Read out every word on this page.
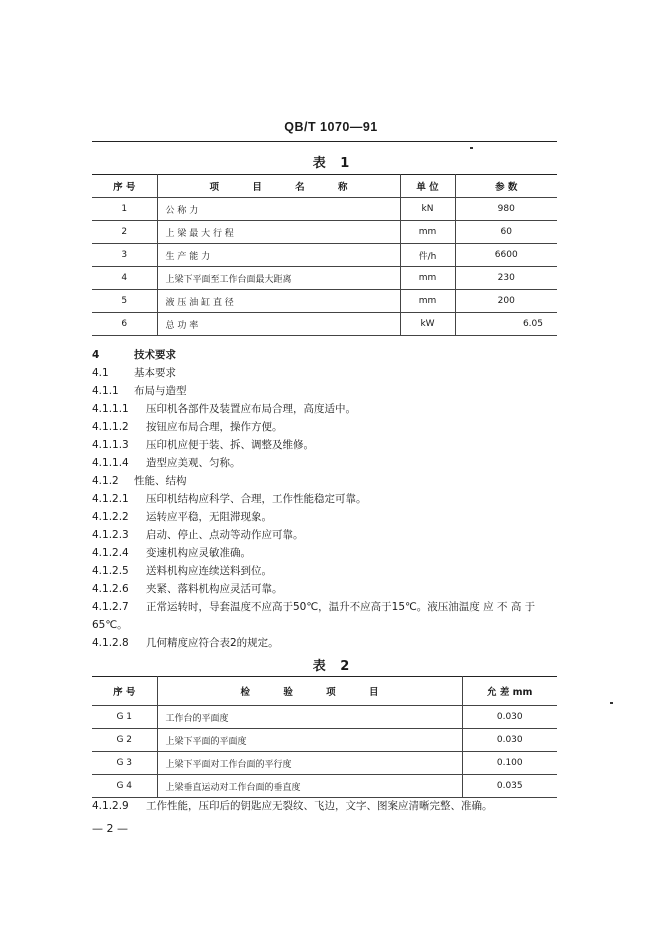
QB/T 1070—91
表 1
序 号	项 目 名 称	单 位	参 数
1	公 称 力	kN	980
2	上 梁 最 大 行 程	mm	60
3	生 产 能 力	件/h	6600
4	上梁下平面至工作台面最大距离	mm	230
5	液 压 油 缸 直 径	mm	200
6	总 功 率	kW	6.05
4	技术要求
4.1 基本要求
4.1.1 布局与造型
4.1.1.1 压印机各部件及装置应布局合理，高度适中。
4.1.1.2 按钮应布局合理，操作方便。
4.1.1.3 压印机应便于装、拆、调整及维修。
4.1.1.4 造型应美观、匀称。
4.1.2 性能、结构
4.1.2.1 压印机结构应科学、合理，工作性能稳定可靠。
4.1.2.2 运转应平稳，无阻滞现象。
4.1.2.3 启动、停止、点动等动作应可靠。
4.1.2.4 变速机构应灵敏准确。
4.1.2.5 送料机构应连续送料到位。
4.1.2.6 夹紧、落料机构应灵活可靠。
4.1.2.7 正常运转时，导套温度不应高于50℃，温升不应高于15℃。液压油温度 应 不 高 于 65℃。
4.1.2.8 几何精度应符合表2的规定。
表 2
序 号	检 验 项 目	允 差 mm
G 1	工作台的平面度	0.030
G 2	上梁下平面的平面度	0.030
G 3	上梁下平面对工作台面的平行度	0.100
G 4	上梁垂直运动对工作台面的垂直度	0.035
4.1.2.9 工作性能，压印后的钥匙应无裂纹、飞边，文字、图案应清晰完整、准确。
— 2 —
